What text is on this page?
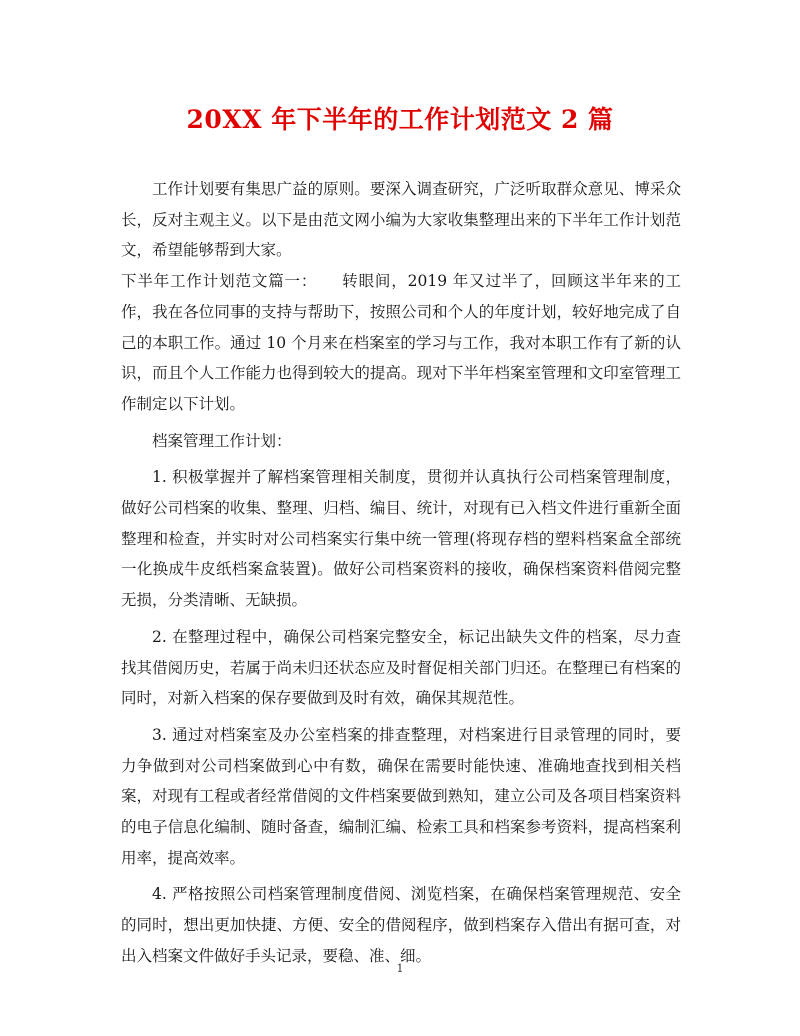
20XX 年下半年的工作计划范文 2 篇

工作计划要有集思广益的原则。要深入调查研究，广泛听取群众意见、博采众长，反对主观主义。以下是由范文网小编为大家收集整理出来的下半年工作计划范文，希望能够帮到大家。

下半年工作计划范文篇一：　　转眼间，2019 年又过半了，回顾这半年来的工作，我在各位同事的支持与帮助下，按照公司和个人的年度计划，较好地完成了自己的本职工作。通过 10 个月来在档案室的学习与工作，我对本职工作有了新的认识，而且个人工作能力也得到较大的提高。现对下半年档案室管理和文印室管理工作制定以下计划。

档案管理工作计划：

1. 积极掌握并了解档案管理相关制度，贯彻并认真执行公司档案管理制度，做好公司档案的收集、整理、归档、编目、统计，对现有已入档文件进行重新全面整理和检查，并实时对公司档案实行集中统一管理(将现存档的塑料档案盒全部统一化换成牛皮纸档案盒装置)。做好公司档案资料的接收，确保档案资料借阅完整无损，分类清晰、无缺损。

2. 在整理过程中，确保公司档案完整安全，标记出缺失文件的档案，尽力查找其借阅历史，若属于尚未归还状态应及时督促相关部门归还。在整理已有档案的同时，对新入档案的保存要做到及时有效，确保其规范性。

3. 通过对档案室及办公室档案的排查整理，对档案进行目录管理的同时，要力争做到对公司档案做到心中有数，确保在需要时能快速、准确地查找到相关档案，对现有工程或者经常借阅的文件档案要做到熟知，建立公司及各项目档案资料的电子信息化编制、随时备查，编制汇编、检索工具和档案参考资料，提高档案利用率，提高效率。

4. 严格按照公司档案管理制度借阅、浏览档案，在确保档案管理规范、安全的同时，想出更加快捷、方便、安全的借阅程序，做到档案存入借出有据可查，对出入档案文件做好手头记录，要稳、准、细。

1
